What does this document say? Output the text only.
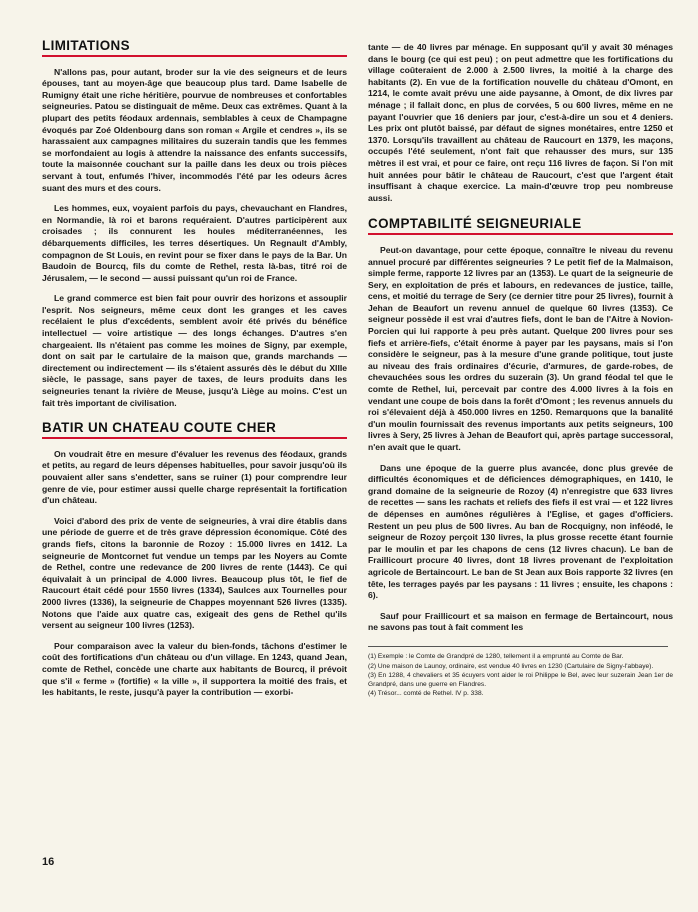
LIMITATIONS

N'allons pas, pour autant, broder sur la vie des seigneurs et de leurs épouses, tant au moyen-âge que beaucoup plus tard. Dame Isabelle de Rumigny était une riche héritière, pourvue de nombreuses et confortables seigneuries. Patou se distinguait de même. Deux cas extrêmes. Quant à la plupart des petits féodaux ardennais, semblables à ceux de Champagne évoqués par Zoé Oldenbourg dans son roman « Argile et cendres », ils se harassaient aux campagnes militaires du suzerain tandis que les femmes se morfondaient au logis à attendre la naissance des enfants successifs, toute la maisonnée couchant sur la paille dans les deux ou trois pièces servant à tout, enfumés l'hiver, incommodés l'été par les odeurs âcres suant des murs et des cours.

Les hommes, eux, voyaient parfois du pays, chevauchant en Flandres, en Normandie, là roi et barons requéraient. D'autres participèrent aux croisades ; ils connurent les houles méditerranéennes, les débarquements difficiles, les terres désertiques. Un Regnault d'Ambly, compagnon de St Louis, en revint pour se fixer dans le pays de la Bar. Un Baudoin de Bourcq, fils du comte de Rethel, resta là-bas, titré roi de Jérusalem, — le second — aussi puissant qu'un roi de France.

Le grand commerce est bien fait pour ouvrir des horizons et assouplir l'esprit. Nos seigneurs, même ceux dont les granges et les caves recélaient le plus d'excédents, semblent avoir été privés du bénéfice intellectuel — voire artistique — des longs échanges. D'autres s'en chargeaient. Ils n'étaient pas comme les moines de Signy, par exemple, dont on sait par le cartulaire de la maison que, grands marchands — directement ou indirectement — ils s'étaient assurés dès le début du XIIIe siècle, le passage, sans payer de taxes, de leurs produits dans les seigneuries tenant la rivière de Meuse, jusqu'à Liège au moins. C'est un fait très important de civilisation.

BATIR UN CHATEAU COUTE CHER

On voudrait être en mesure d'évaluer les revenus des féodaux, grands et petits, au regard de leurs dépenses habituelles, pour savoir jusqu'où ils pouvaient aller sans s'endetter, sans se ruiner (1) pour comprendre leur genre de vie, pour estimer aussi quelle charge représentait la fortification d'un château.

Voici d'abord des prix de vente de seigneuries, à vrai dire établis dans une période de guerre et de très grave dépression économique. Côté des grands fiefs, citons la baronnie de Rozoy : 15.000 livres en 1412. La seigneurie de Montcornet fut vendue un temps par les Noyers au Comte de Rethel, contre une redevance de 200 livres de rente (1443). Ce qui équivalait à un principal de 4.000 livres. Beaucoup plus tôt, le fief de Raucourt était cédé pour 1550 livres (1334), Saulces aux Tournelles pour 2000 livres (1336), la seigneurie de Chappes moyennant 526 livres (1335). Notons que l'aide aux quatre cas, exigeait des gens de Rethel qu'ils versent au seigneur 100 livres (1253).

Pour comparaison avec la valeur du bien-fonds, tâchons d'estimer le coût des fortifications d'un château ou d'un village. En 1243, quand Jean, comte de Rethel, concède une charte aux habitants de Bourcq, il prévoit que s'il « ferme » (fortifie) « la ville », il supportera la moitié des frais, et les habitants, le reste, jusqu'à payer la contribution — exorbi-

tante — de 40 livres par ménage. En supposant qu'il y avait 30 ménages dans le bourg (ce qui est peu) ; on peut admettre que les fortifications du village coûteraient de 2.000 à 2.500 livres, la moitié à la charge des habitants (2). En vue de la fortification nouvelle du château d'Omont, en 1214, le comte avait prévu une aide paysanne, à Omont, de dix livres par ménage ; il fallait donc, en plus de corvées, 5 ou 600 livres, même en ne payant l'ouvrier que 16 deniers par jour, c'est-à-dire un sou et 4 deniers. Les prix ont plutôt baissé, par défaut de signes monétaires, entre 1250 et 1370. Lorsqu'ils travaillent au château de Raucourt en 1379, les maçons, occupés l'été seulement, n'ont fait que rehausser des murs, sur 135 mètres il est vrai, et pour ce faire, ont reçu 116 livres de façon. Si l'on mit huit années pour bâtir le château de Raucourt, c'est que l'argent était insuffisant à chaque exercice. La main-d'œuvre trop peu nombreuse aussi.

COMPTABILITÉ SEIGNEURIALE

Peut-on davantage, pour cette époque, connaître le niveau du revenu annuel procuré par différentes seigneuries ? Le petit fief de la Malmaison, simple ferme, rapporte 12 livres par an (1353). Le quart de la seigneurie de Sery, en exploitation de prés et labours, en redevances de justice, taille, cens, et moitié du terrage de Sery (ce dernier titre pour 25 livres), fournit à Jehan de Beaufort un revenu annuel de quelque 60 livres (1353). Ce seigneur possède il est vrai d'autres fiefs, dont le ban de l'Aitre à Novion-Porcien qui lui rapporte à peu près autant. Quelque 200 livres pour ses fiefs et arrière-fiefs, c'était énorme à payer par les paysans, mais si l'on considère le seigneur, pas à la mesure d'une grande politique, tout juste au niveau des frais ordinaires d'écurie, d'armures, de garde-robes, de chevauchées sous les ordres du suzerain (3). Un grand féodal tel que le comte de Rethel, lui, percevait par contre des 4.000 livres à la fois en vendant une coupe de bois dans la forêt d'Omont ; les revenus annuels du roi s'élevaient déjà à 450.000 livres en 1250. Remarquons que la banalité d'un moulin fournissait des revenus importants aux petits seigneurs, 100 livres à Sery, 25 livres à Jehan de Beaufort qui, après partage successoral, n'en avait que le quart.

Dans une époque de la guerre plus avancée, donc plus grevée de difficultés économiques et de déficiences démographiques, en 1410, le grand domaine de la seigneurie de Rozoy (4) n'enregistre que 633 livres de recettes — sans les rachats et reliefs des fiefs il est vrai — et 122 livres de dépenses en aumônes régulières à l'Eglise, et gages d'officiers. Restent un peu plus de 500 livres. Au ban de Rocquigny, non inféodé, le seigneur de Rozoy perçoit 130 livres, la plus grosse recette étant fournie par le moulin et par les chapons de cens (12 livres chacun). Le ban de Fraillicourt procure 40 livres, dont 18 livres provenant de l'exploitation agricole de Bertaincourt. Le ban de St Jean aux Bois rapporte 32 livres (en tête, les terrages payés par les paysans : 11 livres ; ensuite, les chapons : 6).

Sauf pour Fraillicourt et sa maison en fermage de Bertaincourt, nous ne savons pas tout à fait comment les

(1) Exemple : le Comte de Grandpré de 1280, tellement il a emprunté au Comte de Bar.

(2) Une maison de Launoy, ordinaire, est vendue 40 livres en 1230 (Cartulaire de Signy-l'abbaye).

(3) En 1288, 4 chevaliers et 35 écuyers vont aider le roi Philippe le Bel, avec leur suzerain Jean 1er de Grandpré, dans une guerre en Flandres.

(4) Trésor... comté de Rethel. IV p. 338.

16
